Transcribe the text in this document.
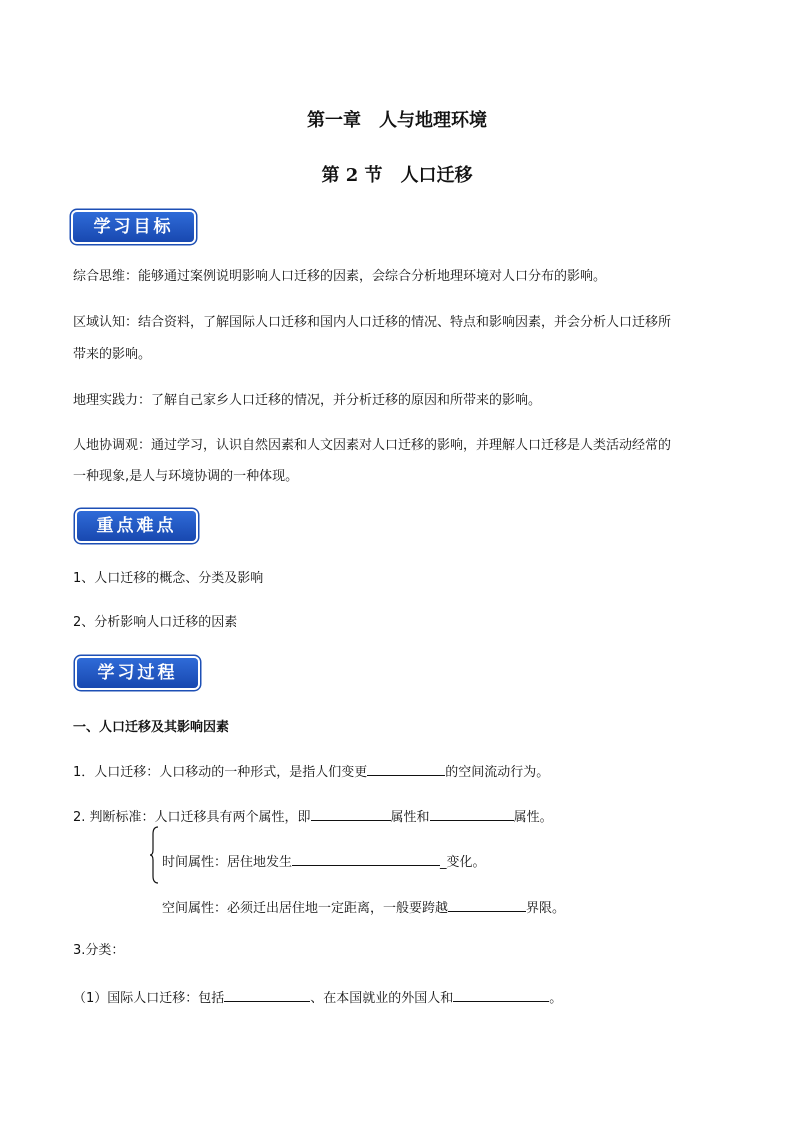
第一章　人与地理环境
第 2 节　人口迁移
学习目标
综合思维：能够通过案例说明影响人口迁移的因素，会综合分析地理环境对人口分布的影响。
区域认知：结合资料，了解国际人口迁移和国内人口迁移的情况、特点和影响因素，并会分析人口迁移所
带来的影响。
地理实践力：了解自己家乡人口迁移的情况，并分析迁移的原因和所带来的影响。
人地协调观：通过学习，认识自然因素和人文因素对人口迁移的影响，并理解人口迁移是人类活动经常的
一种现象,是人与环境协调的一种体现。
重点难点
1、人口迁移的概念、分类及影响
2、分析影响人口迁移的因素
学习过程
一、人口迁移及其影响因素
1．人口迁移：人口移动的一种形式，是指人们变更	的空间流动行为。
2. 判断标准：人口迁移具有两个属性，即	属性和	属性。
时间属性：居住地发生	_变化。
空间属性：必须迁出居住地一定距离，一般要跨越	界限。
3.分类：
（1）国际人口迁移：包括	、在本国就业的外国人和	。
